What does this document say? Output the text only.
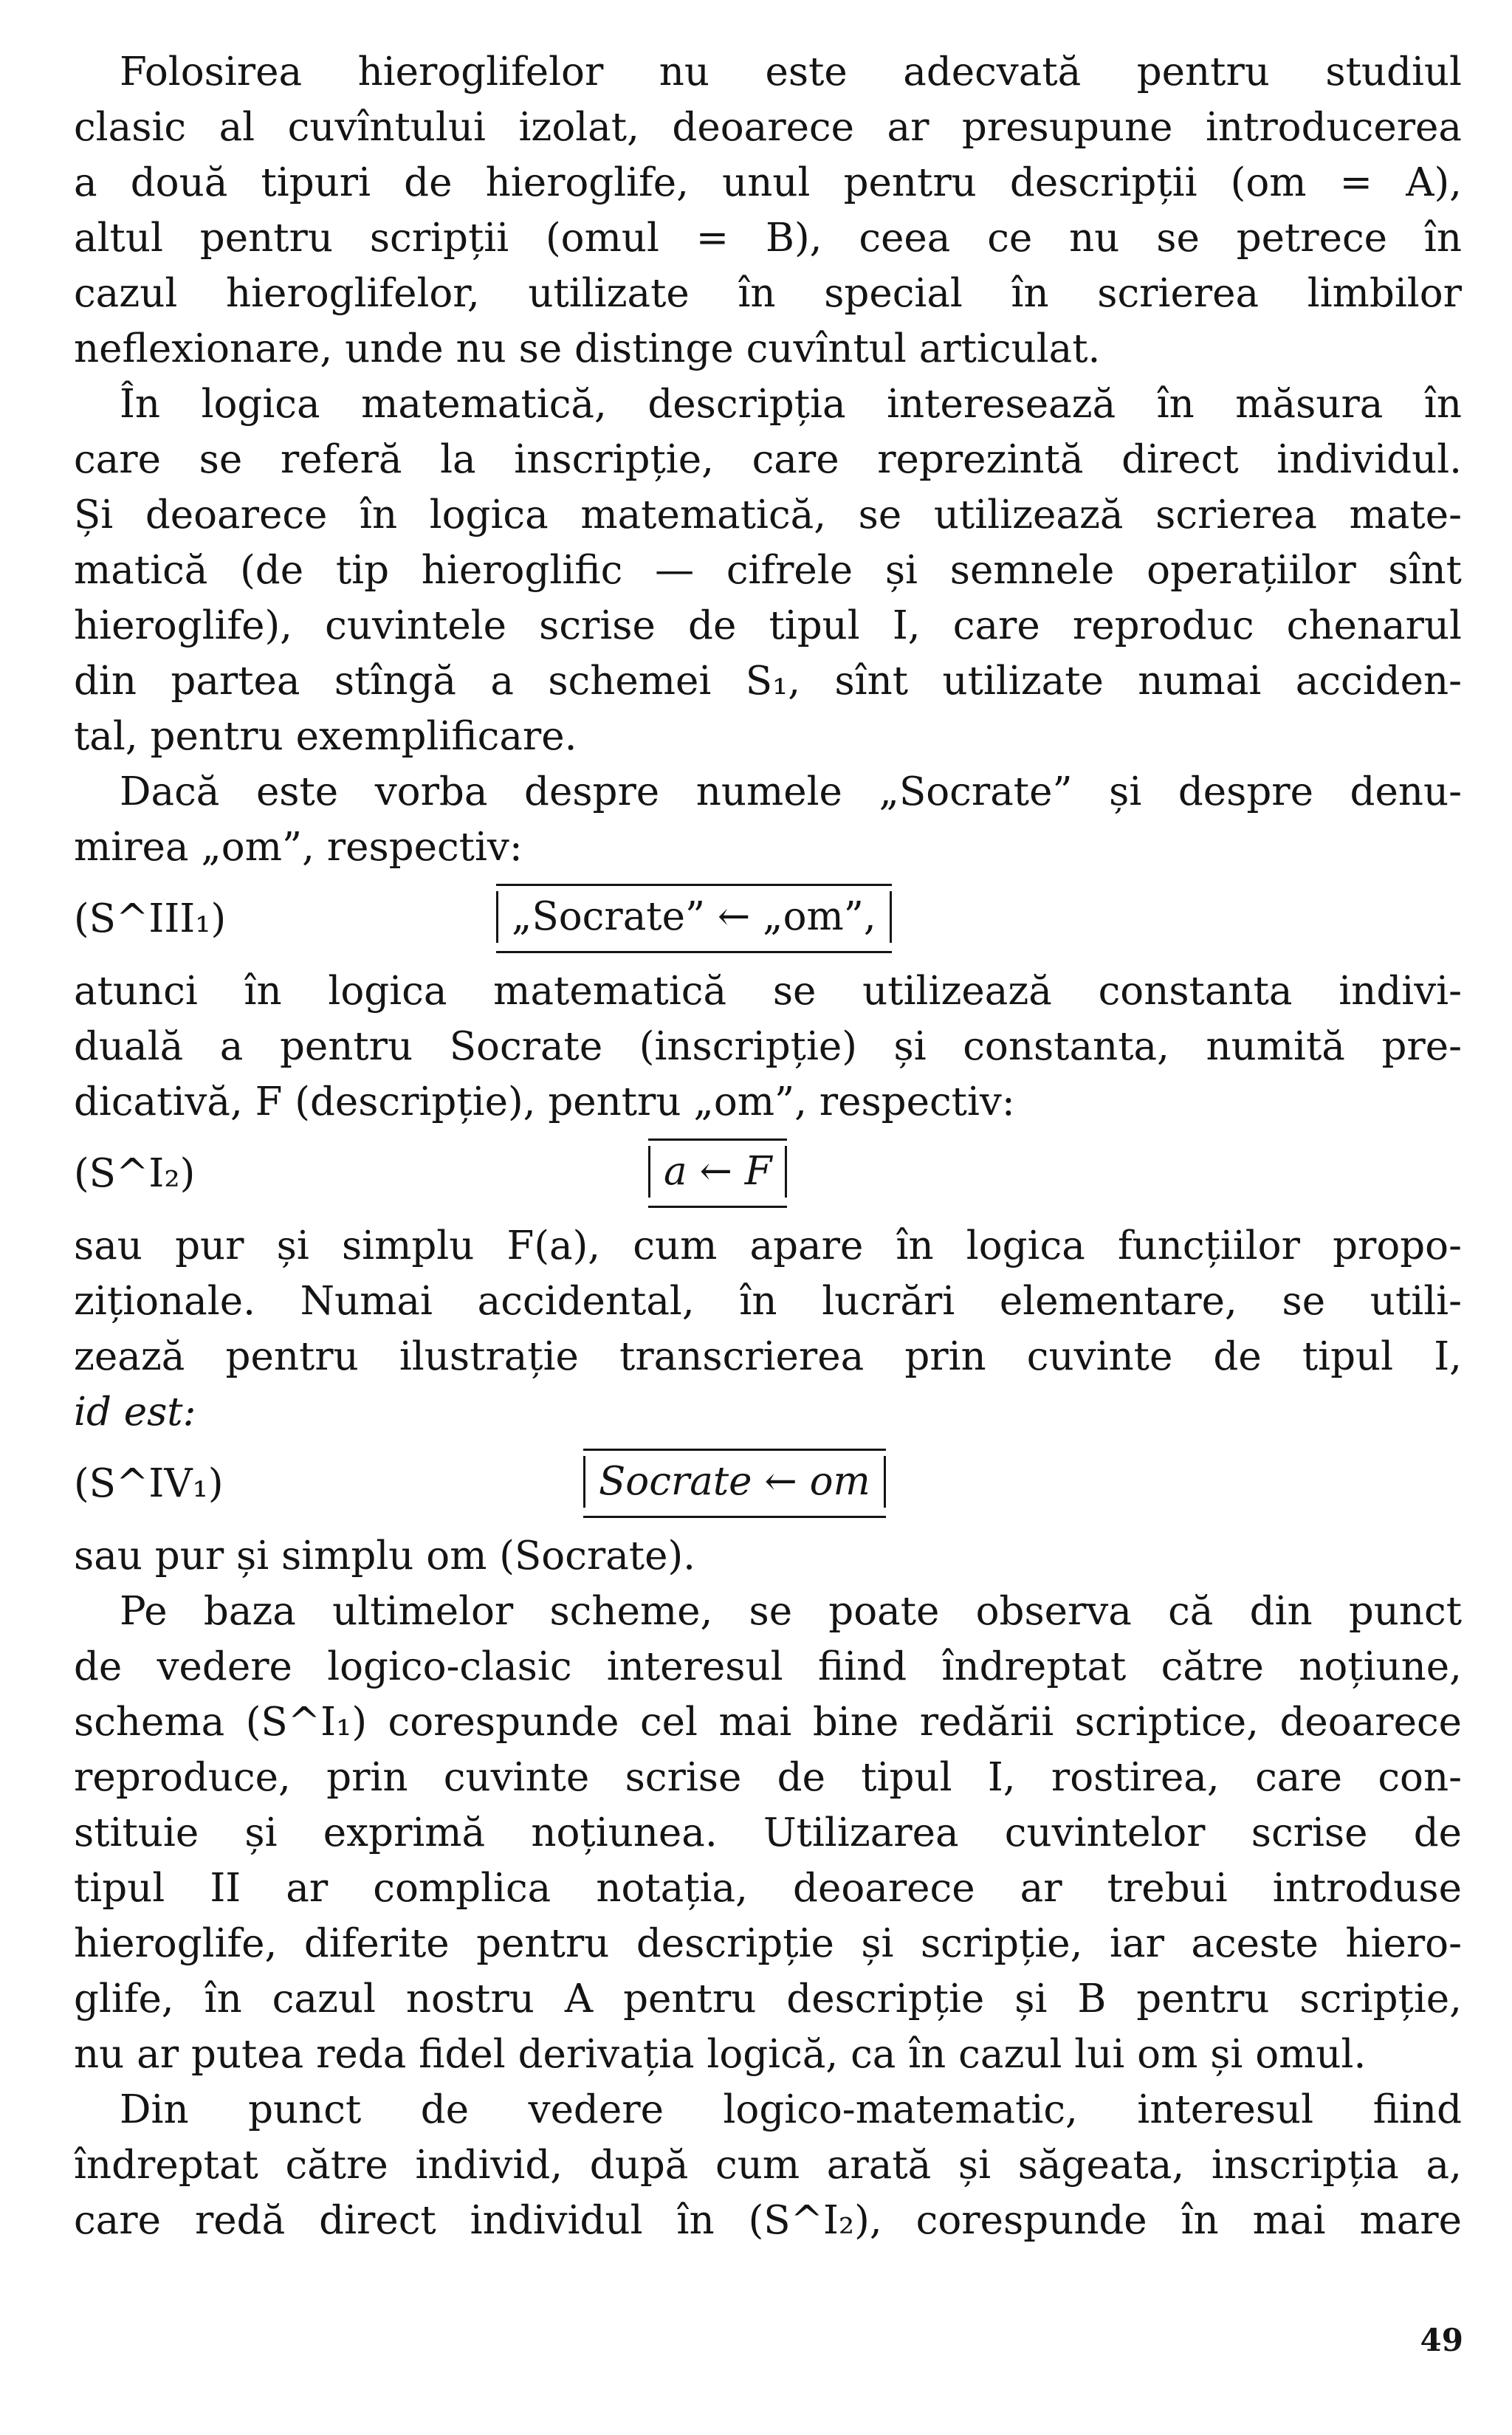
Folosirea hieroglifelor nu este adecvată pentru studiul
clasic al cuvîntului izolat, deoarece ar presupune introducerea
a două tipuri de hieroglife, unul pentru descripții (om = A),
altul pentru scripții (omul = B), ceea ce nu se petrece în
cazul hieroglifelor, utilizate în special în scrierea limbilor
neflexionare, unde nu se distinge cuvîntul articulat.
În logica matematică, descripția interesează în măsura în
care se referă la inscripție, care reprezintă direct individul.
Și deoarece în logica matematică, se utilizează scrierea mate-
matică (de tip hieroglific — cifrele și semnele operațiilor sînt
hieroglife), cuvintele scrise de tipul I, care reproduc chenarul
din partea stîngă a schemei S₁, sînt utilizate numai acciden-
tal, pentru exemplificare.
Dacă este vorba despre numele „Socrate” și despre denu-
mirea „om”, respectiv:
(S^III₁)	„Socrate” ← „om”,
atunci în logica matematică se utilizează constanta indivi-
duală a pentru Socrate (inscripție) și constanta, numită pre-
dicativă, F (descripție), pentru „om”, respectiv:
(S^I₂)	a ← F
sau pur și simplu F(a), cum apare în logica funcțiilor propo-
ziționale. Numai accidental, în lucrări elementare, se utili-
zează pentru ilustrație transcrierea prin cuvinte de tipul I,
id est:
(S^IV₁)	Socrate ← om
sau pur și simplu om (Socrate).
Pe baza ultimelor scheme, se poate observa că din punct
de vedere logico-clasic interesul fiind îndreptat către noțiune,
schema (S^I₁) corespunde cel mai bine redării scriptice, deoarece
reproduce, prin cuvinte scrise de tipul I, rostirea, care con-
stituie și exprimă noțiunea. Utilizarea cuvintelor scrise de
tipul II ar complica notația, deoarece ar trebui introduse
hieroglife, diferite pentru descripție și scripție, iar aceste hiero-
glife, în cazul nostru A pentru descripție și B pentru scripție,
nu ar putea reda fidel derivația logică, ca în cazul lui om și omul.
Din punct de vedere logico-matematic, interesul fiind
îndreptat către individ, după cum arată și săgeata, inscripția a,
care redă direct individul în (S^I₂), corespunde în mai mare
49
